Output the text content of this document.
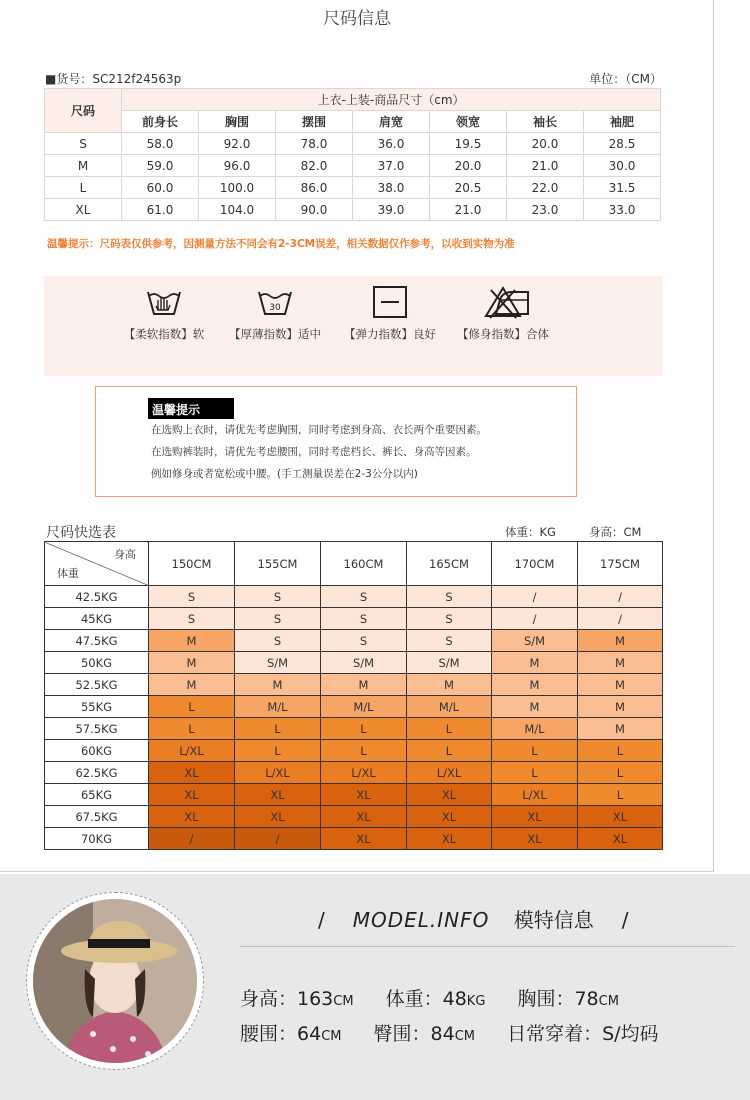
尺码信息
■货号：SC212f24563p	单位：（CM）
尺码	上衣-上装-商品尺寸（cm）						
	前身长	胸围	摆围	肩宽	领宽	袖长	袖肥
S	58.0	92.0	78.0	36.0	19.5	20.0	28.5
M	59.0	96.0	82.0	37.0	20.0	21.0	30.0
L	60.0	100.0	86.0	38.0	20.5	22.0	31.5
XL	61.0	104.0	90.0	39.0	21.0	23.0	33.0
温馨提示：尺码表仅供参考，因测量方法不同会有2-3CM误差，相关数据仅作参考，以收到实物为准
【柔软指数】软
30
【厚薄指数】适中	【弹力指数】良好	【修身指数】合体
温馨提示
在选购上衣时，请优先考虑胸围，同时考虑到身高、衣长两个重要因素。
在选购裤装时，请优先考虑腰围，同时考虑档长、裤长、身高等因素。
例如修身或者宽松或中腰。(手工测量误差在2-3公分以内)
尺码快选表	体重：KG	身高：CM
身高
体重	150CM	155CM	160CM	165CM	170CM	175CM
42.5KG	S	S	S	S	/	/
45KG	S	S	S	S	/	/
47.5KG	M	S	S	S	S/M	M
50KG	M	S/M	S/M	S/M	M	M
52.5KG	M	M	M	M	M	M
55KG	L	M/L	M/L	M/L	M	M
57.5KG	L	L	L	L	M/L	M
60KG	L/XL	L	L	L	L	L
62.5KG	XL	L/XL	L/XL	L/XL	L	L
65KG	XL	XL	XL	XL	L/XL	L
67.5KG	XL	XL	XL	XL	XL	XL
70KG	/	/	XL	XL	XL	XL
/ MODEL.INFO 模特信息 /
身高：163CM 体重：48KG 胸围：78CM
腰围：64CM 臀围：84CM 日常穿着：S/均码
